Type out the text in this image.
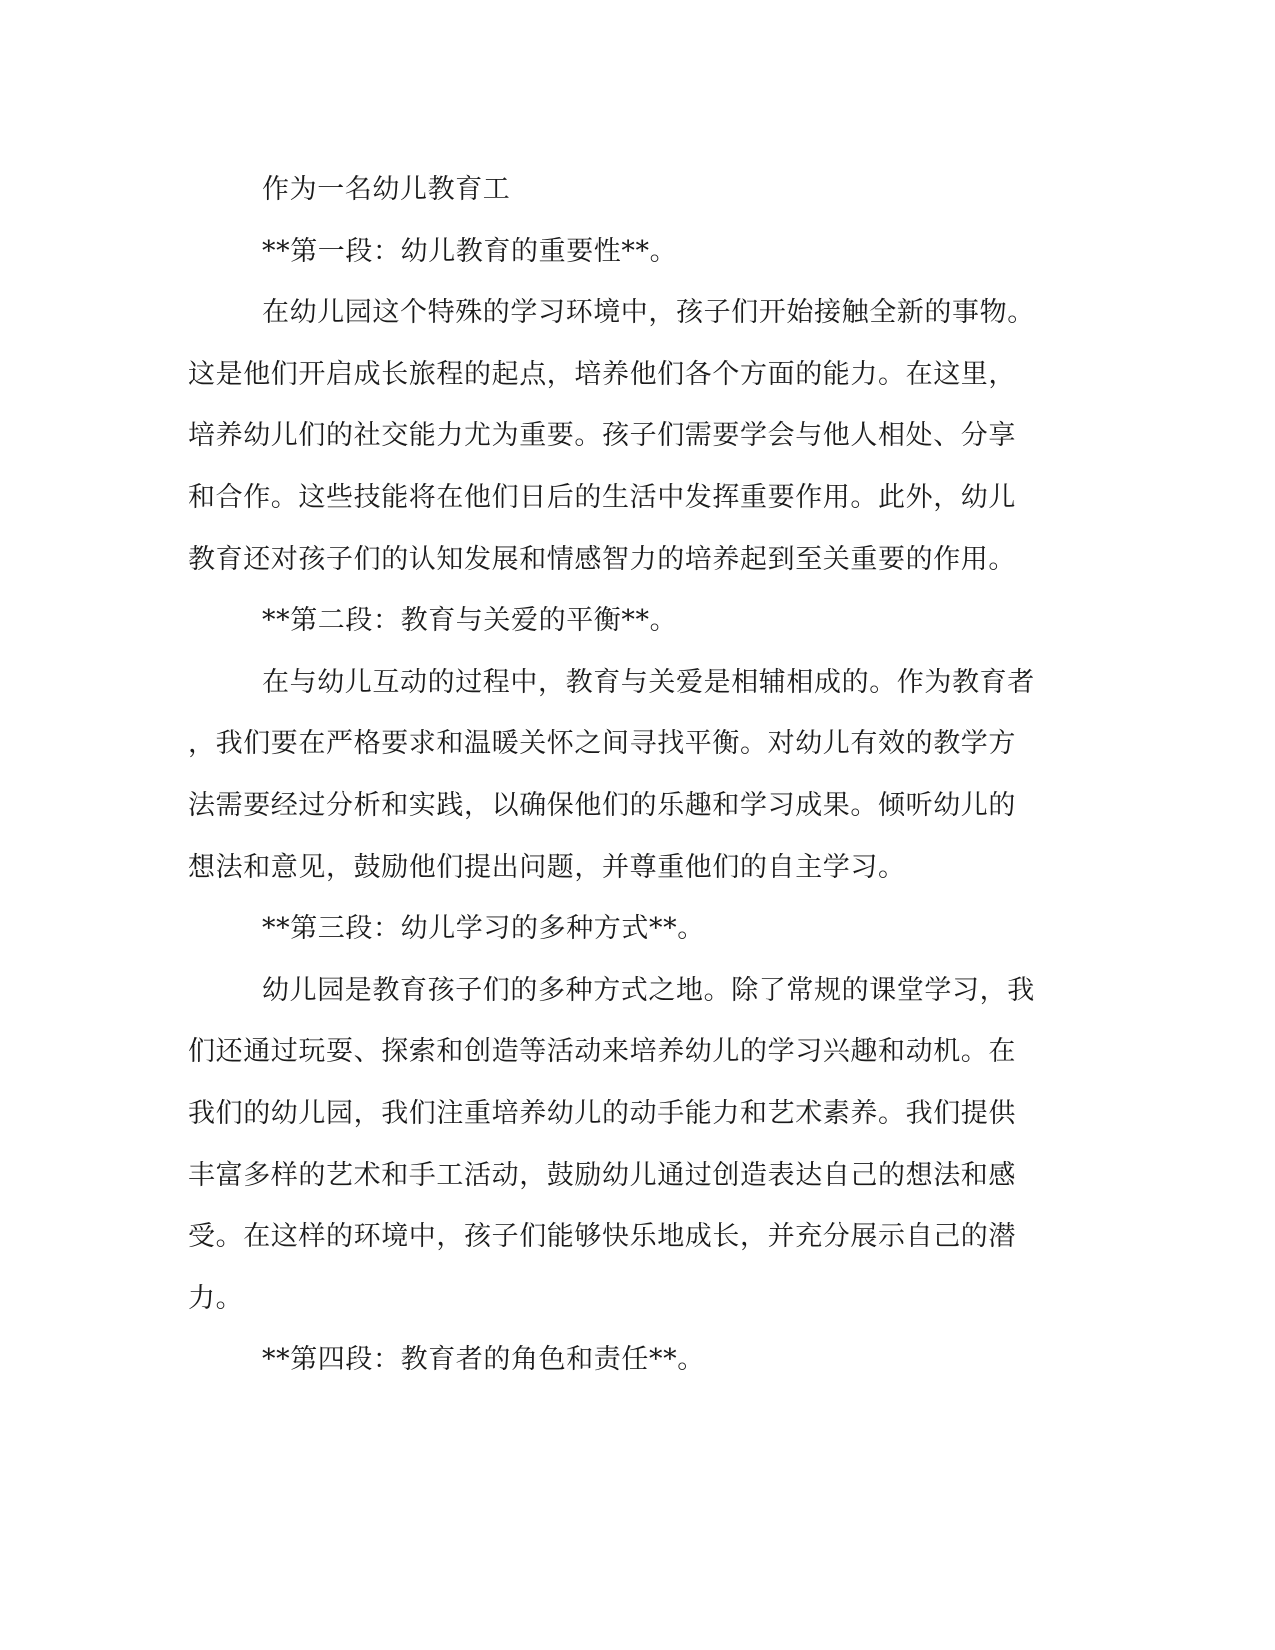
作为一名幼儿教育工
**第一段：幼儿教育的重要性**。
在幼儿园这个特殊的学习环境中，孩子们开始接触全新的事物。
这是他们开启成长旅程的起点，培养他们各个方面的能力。在这里，
培养幼儿们的社交能力尤为重要。孩子们需要学会与他人相处、分享
和合作。这些技能将在他们日后的生活中发挥重要作用。此外，幼儿
教育还对孩子们的认知发展和情感智力的培养起到至关重要的作用。
**第二段：教育与关爱的平衡**。
在与幼儿互动的过程中，教育与关爱是相辅相成的。作为教育者
，我们要在严格要求和温暖关怀之间寻找平衡。对幼儿有效的教学方
法需要经过分析和实践，以确保他们的乐趣和学习成果。倾听幼儿的
想法和意见，鼓励他们提出问题，并尊重他们的自主学习。
**第三段：幼儿学习的多种方式**。
幼儿园是教育孩子们的多种方式之地。除了常规的课堂学习，我
们还通过玩耍、探索和创造等活动来培养幼儿的学习兴趣和动机。在
我们的幼儿园，我们注重培养幼儿的动手能力和艺术素养。我们提供
丰富多样的艺术和手工活动，鼓励幼儿通过创造表达自己的想法和感
受。在这样的环境中，孩子们能够快乐地成长，并充分展示自己的潜
力。
**第四段：教育者的角色和责任**。
